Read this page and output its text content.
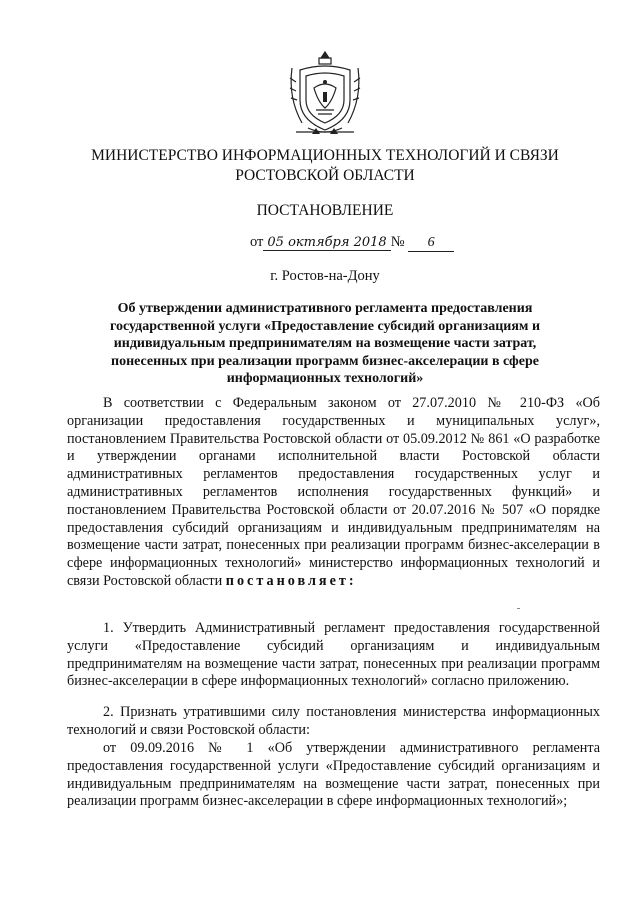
МИНИСТЕРСТВО ИНФОРМАЦИОННЫХ ТЕХНОЛОГИЙ И СВЯЗИ
РОСТОВСКОЙ ОБЛАСТИ
ПОСТАНОВЛЕНИЕ
от 05 октября 2018 № 6
г. Ростов-на-Дону
Об утверждении административного регламента предоставления государственной услуги «Предоставление субсидий организациям и индивидуальным предпринимателям на возмещение части затрат, понесенных при реализации программ бизнес-акселерации в сфере информационных технологий»

В соответствии с Федеральным законом от 27.07.2010 № 210-ФЗ «Об организации предоставления государственных и муниципальных услуг», постановлением Правительства Ростовской области от 05.09.2012 № 861 «О разработке и утверждении органами исполнительной власти Ростовской области административных регламентов предоставления государственных услуг и административных регламентов исполнения государственных функций» и постановлением Правительства Ростовской области от 20.07.2016 № 507 «О порядке предоставления субсидий организациям и индивидуальным предпринимателям на возмещение части затрат, понесенных при реализации программ бизнес-акселерации в сфере информационных технологий» министерство информационных технологий и связи Ростовской области постановляет:

1. Утвердить Административный регламент предоставления государственной услуги «Предоставление субсидий организациям и индивидуальным предпринимателям на возмещение части затрат, понесенных при реализации программ бизнес-акселерации в сфере информационных технологий» согласно приложению.

2. Признать утратившими силу постановления министерства информационных технологий и связи Ростовской области:

от 09.09.2016 № 1 «Об утверждении административного регламента предоставления государственной услуги «Предоставление субсидий организациям и индивидуальным предпринимателям на возмещение части затрат, понесенных при реализации программ бизнес-акселерации в сфере информационных технологий»;
